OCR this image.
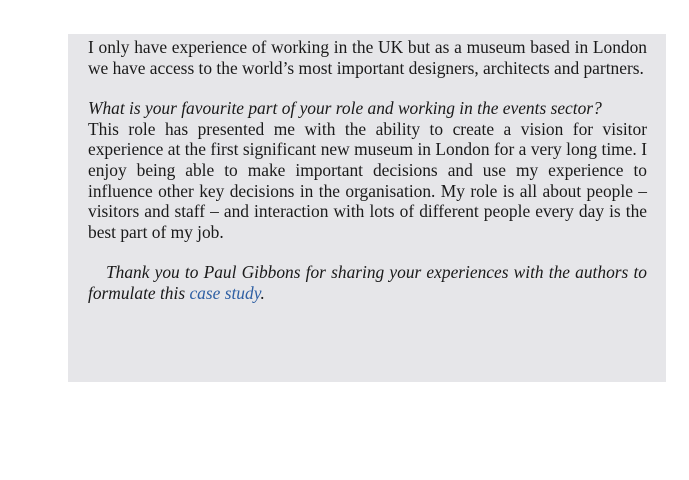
I only have experience of working in the UK but as a museum based in London we have access to the world’s most important designers, architects and partners.

What is your favourite part of your role and working in the events sector?

This role has presented me with the ability to create a vision for visitor experience at the first significant new museum in London for a very long time. I enjoy being able to make important decisions and use my experience to influence other key decisions in the organisation. My role is all about people – visitors and staff – and interaction with lots of different people every day is the best part of my job.

Thank you to Paul Gibbons for sharing your experiences with the authors to formulate this case study.
